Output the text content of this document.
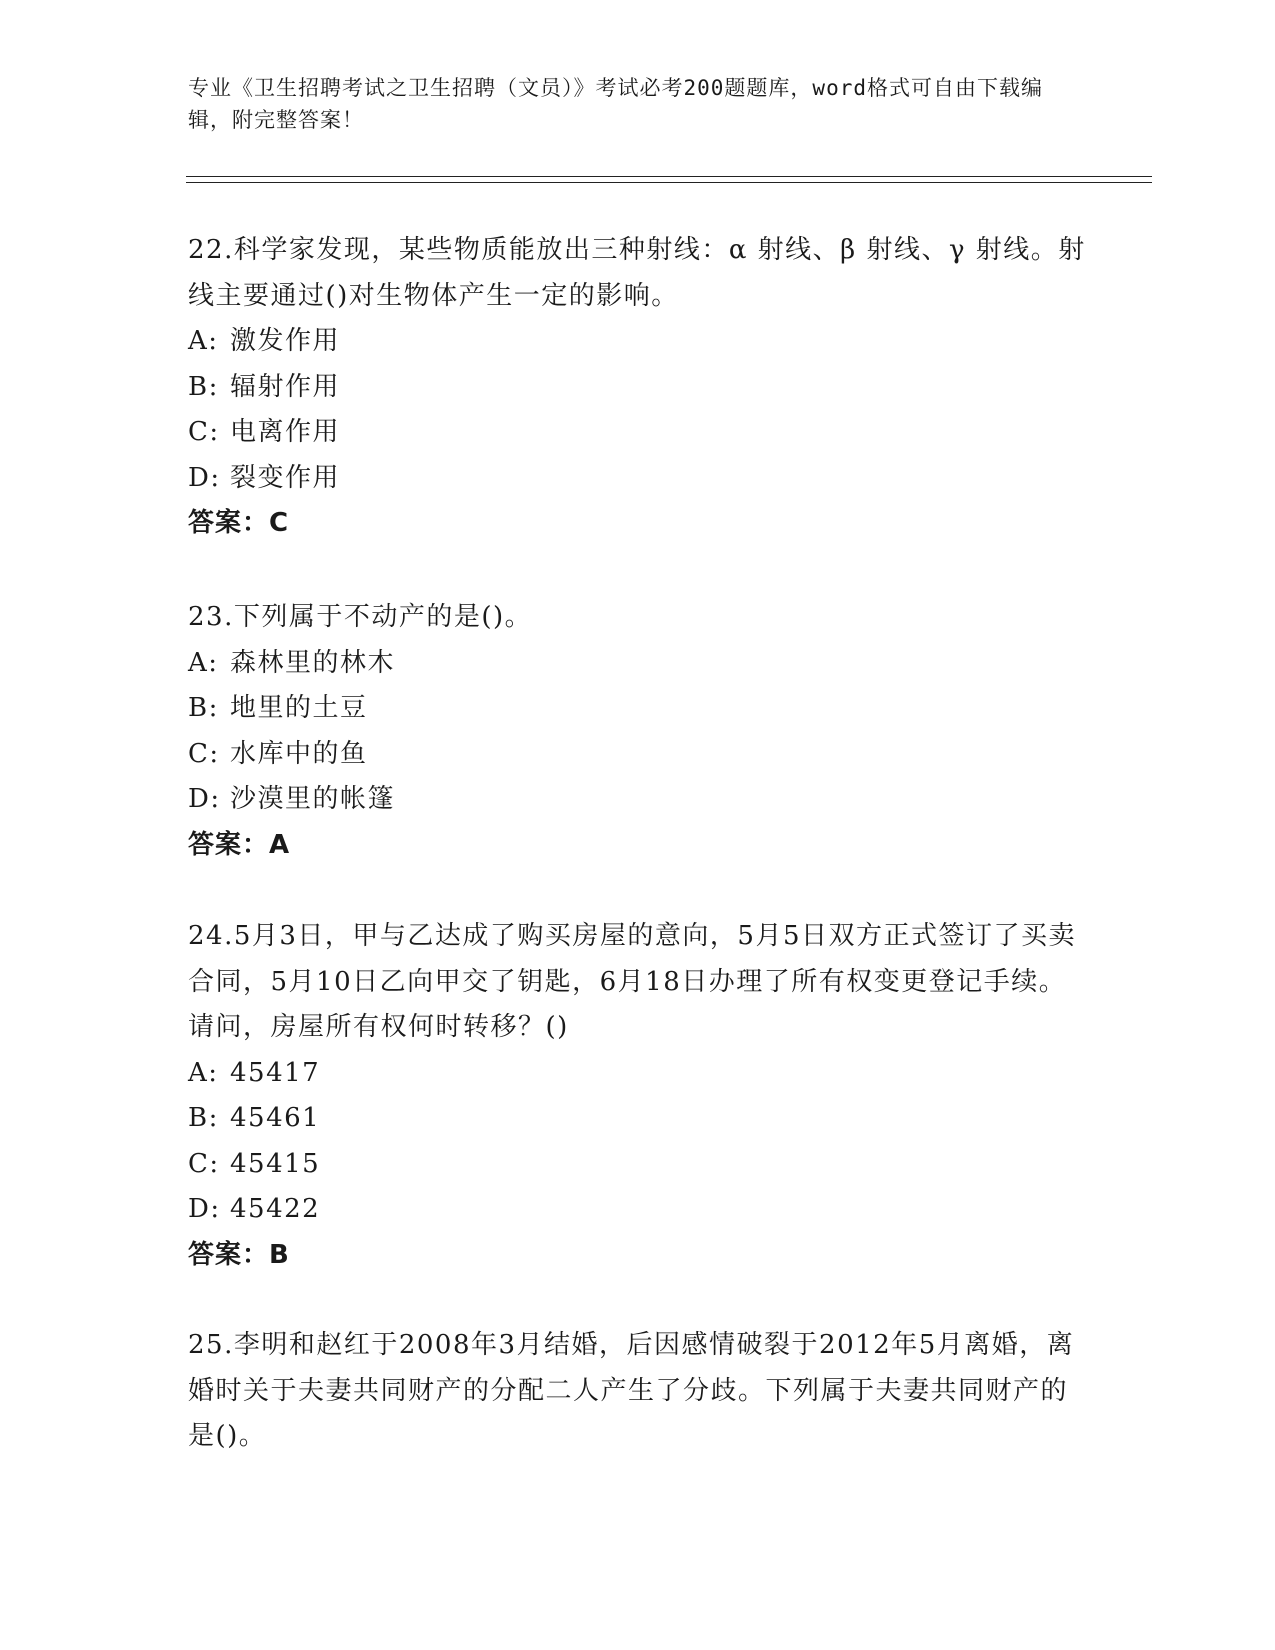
专业《卫生招聘考试之卫生招聘（文员）》考试必考200题题库，word格式可自由下载编辑，附完整答案！

22.科学家发现，某些物质能放出三种射线：α 射线、β 射线、γ 射线。射线主要通过()对生物体产生一定的影响。

A: 激发作用

B: 辐射作用

C: 电离作用

D: 裂变作用

答案：C

23.下列属于不动产的是()。

A: 森林里的林木

B: 地里的土豆

C: 水库中的鱼

D: 沙漠里的帐篷

答案：A

24.5月3日，甲与乙达成了购买房屋的意向，5月5日双方正式签订了买卖合同，5月10日乙向甲交了钥匙，6月18日办理了所有权变更登记手续。请问，房屋所有权何时转移？()

A: 45417

B: 45461

C: 45415

D: 45422

答案：B

25.李明和赵红于2008年3月结婚，后因感情破裂于2012年5月离婚，离婚时关于夫妻共同财产的分配二人产生了分歧。下列属于夫妻共同财产的是()。
